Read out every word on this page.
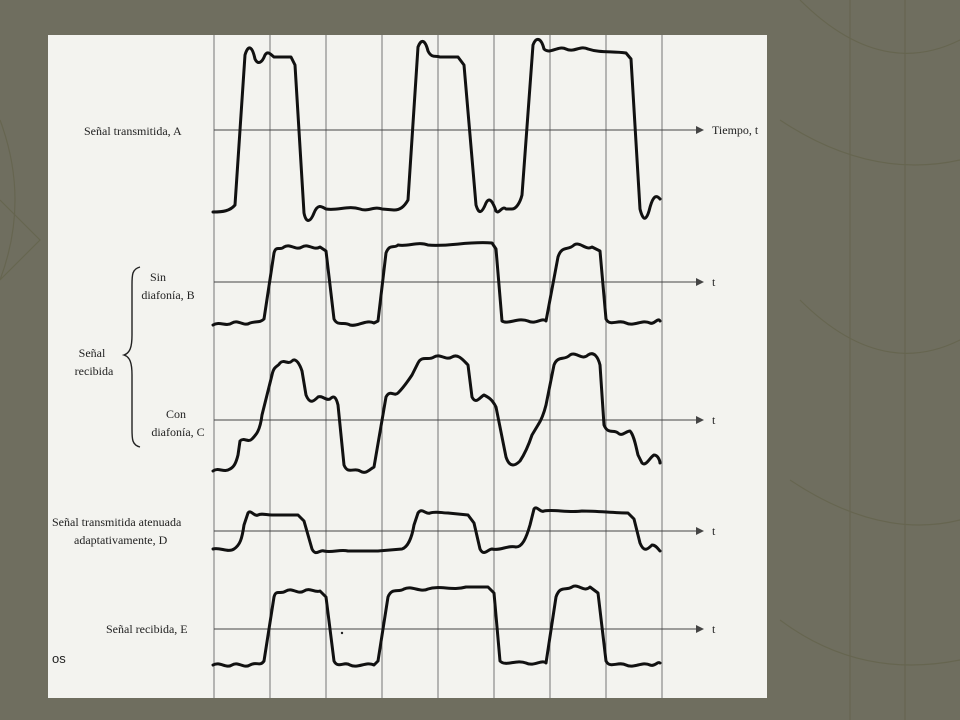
os
Tiempo, t
Señal transmitida, A
t
Sin
diafonía, B
t
Con
diafonía, C
t
Señal transmitida atenuada
adaptativamente, D
t
Señal recibida, E
Señal
recibida
